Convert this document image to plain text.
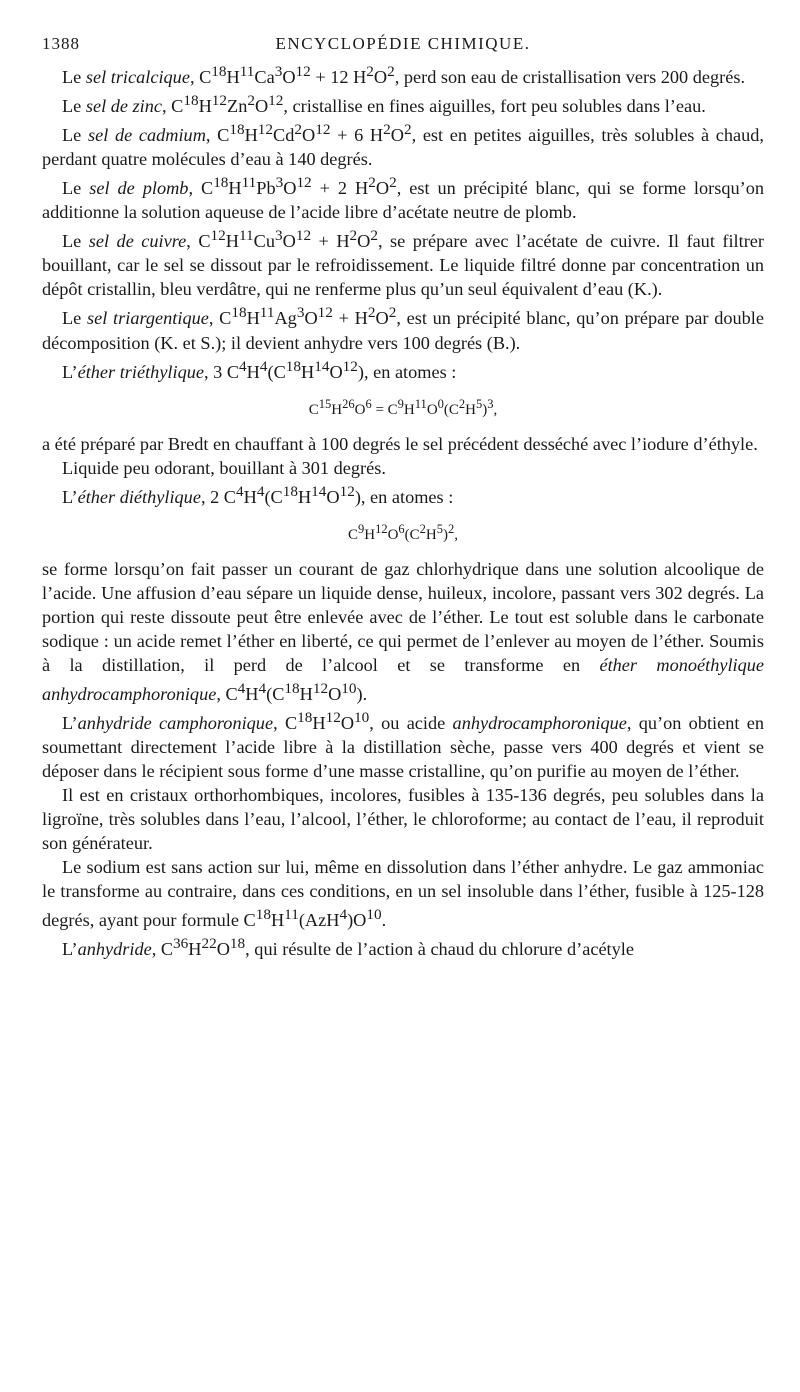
1388	ENCYCLOPÉDIE CHIMIQUE.

Le sel tricalcique, $C^{18}H^{11}Ca^3O^{12} + 12$ $H^2O^2$, perd son eau de cristallisation vers 200 degrés.

Le sel de zinc, $C^{18}H^{12}Zn^2O^{12}$, cristallise en fines aiguilles, fort peu solubles dans l’eau.

Le sel de cadmium, $C^{18}H^{12}Cd^2O^{12} + 6$ $H^2O^2$, est en petites aiguilles, très solubles à chaud, perdant quatre molécules d’eau à 140 degrés.

Le sel de plomb, $C^{18}H^{11}Pb^3O^{12} + 2$ $H^2O^2$, est un précipité blanc, qui se forme lorsqu’on additionne la solution aqueuse de l’acide libre d’acétate neutre de plomb.

Le sel de cuivre, $C^{12}H^{11}Cu^3O^{12} + H^2O^2$, se prépare avec l’acétate de cuivre. Il faut filtrer bouillant, car le sel se dissout par le refroidissement. Le liquide filtré donne par concentration un dépôt cristallin, bleu verdâtre, qui ne renferme plus qu’un seul équivalent d’eau (K.).

Le sel triargentique, $C^{18}H^{11}Ag^3O^{12} + H^2O^2$, est un précipité blanc, qu’on prépare par double décomposition (K. et S.); il devient anhydre vers 100 degrés (B.).

L’éther triéthylique, 3 $C^4H^4(C^{18}H^{14}O^{12})$, en atomes :

$C^{15}H^{26}O^6 = C^9H^{11}O^0(C^2H^5)^3$,

a été préparé par Bredt en chauffant à 100 degrés le sel précédent desséché avec l’iodure d’éthyle.

Liquide peu odorant, bouillant à 301 degrés.

L’éther diéthylique, 2 $C^4H^4(C^{18}H^{14}O^{12})$, en atomes :

$C^9H^{12}O^6(C^2H^5)^2$,

se forme lorsqu’on fait passer un courant de gaz chlorhydrique dans une solution alcoolique de l’acide. Une affusion d’eau sépare un liquide dense, huileux, incolore, passant vers 302 degrés. La portion qui reste dissoute peut être enlevée avec de l’éther. Le tout est soluble dans le carbonate sodique : un acide remet l’éther en liberté, ce qui permet de l’enlever au moyen de l’éther. Soumis à la distillation, il perd de l’alcool et se transforme en éther monoéthylique anhydrocamphoronique, $C^4H^4(C^{18}H^{12}O^{10})$.

L’anhydride camphoronique, $C^{18}H^{12}O^{10}$, ou acide anhydrocamphoronique, qu’on obtient en soumettant directement l’acide libre à la distillation sèche, passe vers 400 degrés et vient se déposer dans le récipient sous forme d’une masse cristalline, qu’on purifie au moyen de l’éther.

Il est en cristaux orthorhombiques, incolores, fusibles à 135-136 degrés, peu solubles dans la ligroïne, très solubles dans l’eau, l’alcool, l’éther, le chloroforme; au contact de l’eau, il reproduit son générateur.

Le sodium est sans action sur lui, même en dissolution dans l’éther anhydre. Le gaz ammoniac le transforme au contraire, dans ces conditions, en un sel insoluble dans l’éther, fusible à 125-128 degrés, ayant pour formule $C^{18}H^{11}(AzH^4)O^{10}$.

L’anhydride, $C^{36}H^{22}O^{18}$, qui résulte de l’action à chaud du chlorure d’acétyle
